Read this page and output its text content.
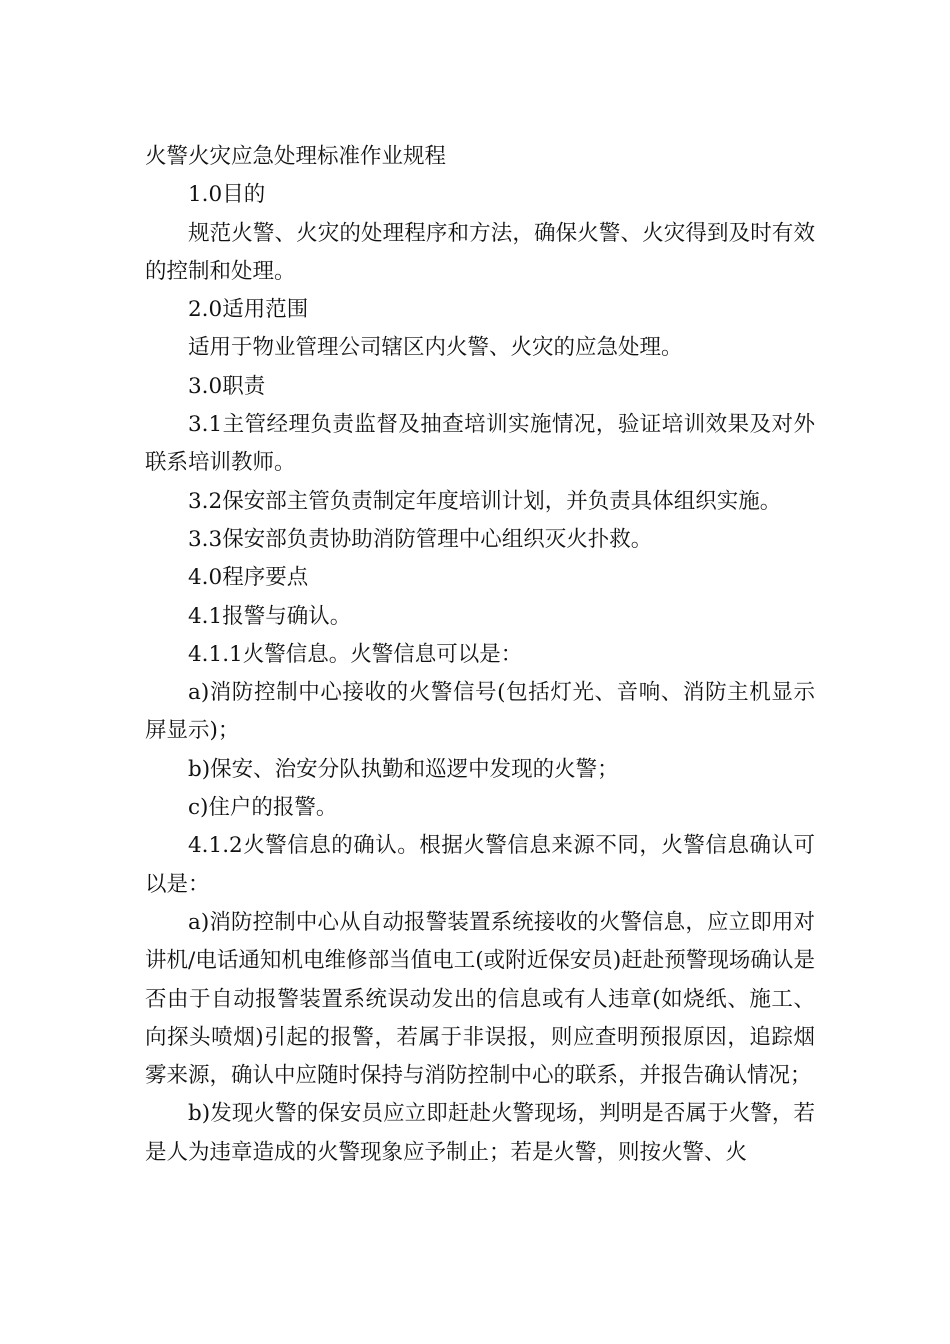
火警火灾应急处理标准作业规程

1.0目的

规范火警、火灾的处理程序和方法，确保火警、火灾得到及时有效的控制和处理。

2.0适用范围

适用于物业管理公司辖区内火警、火灾的应急处理。

3.0职责

3.1主管经理负责监督及抽查培训实施情况，验证培训效果及对外联系培训教师。

3.2保安部主管负责制定年度培训计划，并负责具体组织实施。

3.3保安部负责协助消防管理中心组织灭火扑救。

4.0程序要点

4.1报警与确认。

4.1.1火警信息。火警信息可以是：

a)消防控制中心接收的火警信号(包括灯光、音响、消防主机显示屏显示)；

b)保安、治安分队执勤和巡逻中发现的火警；

c)住户的报警。

4.1.2火警信息的确认。根据火警信息来源不同，火警信息确认可以是：

a)消防控制中心从自动报警装置系统接收的火警信息，应立即用对讲机/电话通知机电维修部当值电工(或附近保安员)赶赴预警现场确认是否由于自动报警装置系统误动发出的信息或有人违章(如烧纸、施工、向探头喷烟)引起的报警，若属于非误报，则应查明预报原因，追踪烟雾来源，确认中应随时保持与消防控制中心的联系，并报告确认情况；

b)发现火警的保安员应立即赶赴火警现场，判明是否属于火警，若是人为违章造成的火警现象应予制止；若是火警，则按火警、火
